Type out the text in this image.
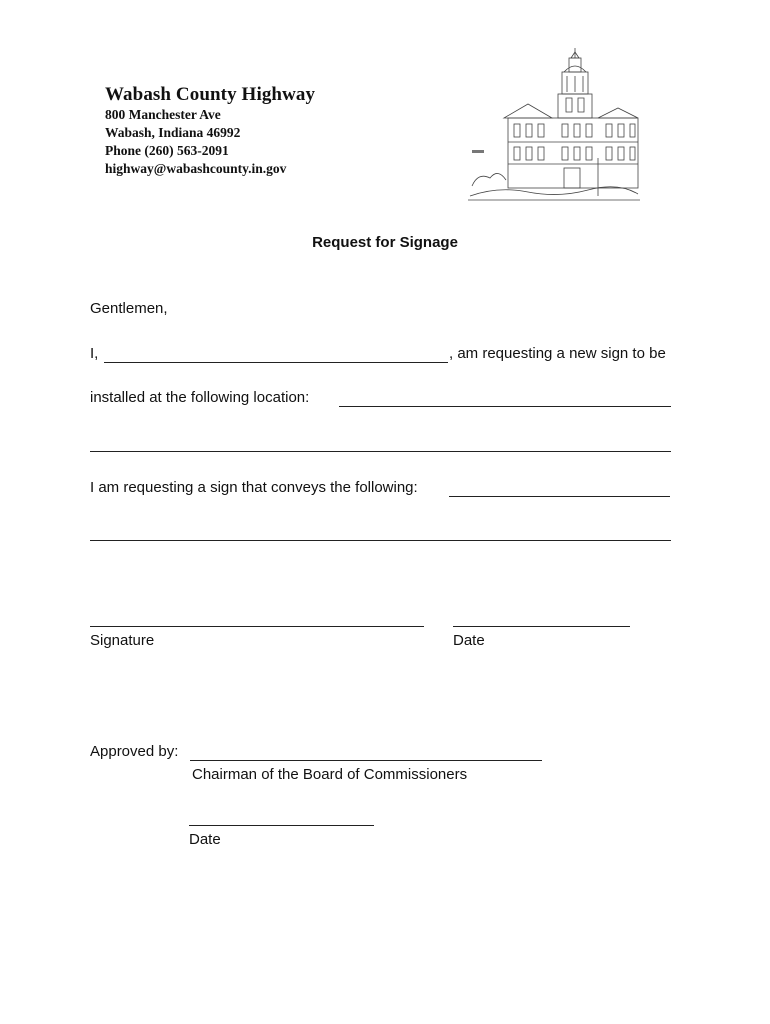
Wabash County Highway
800 Manchester Ave
Wabash, Indiana 46992
Phone (260) 563-2091
highway@wabashcounty.in.gov
Request for Signage
Gentlemen,
I,	, am requesting a new sign to be
installed at the following location:
I am requesting a sign that conveys the following:
Signature	Date
Approved by:
Chairman of the Board of Commissioners
Date
